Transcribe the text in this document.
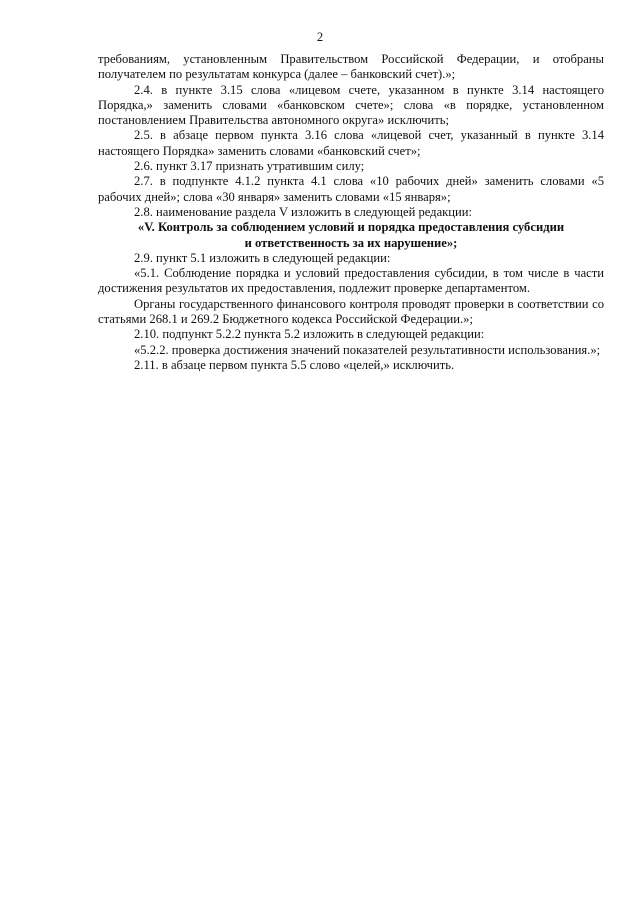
2

требованиям, установленным Правительством Российской Федерации, и отобраны получателем по результатам конкурса (далее – банковский счет).»;

2.4. в пункте 3.15 слова «лицевом счете, указанном в пункте 3.14 настоящего Порядка,» заменить словами «банковском счете»; слова «в порядке, установленном постановлением Правительства автономного округа» исключить;

2.5. в абзаце первом пункта 3.16 слова «лицевой счет, указанный в пункте 3.14 настоящего Порядка» заменить словами «банковский счет»;

2.6. пункт 3.17 признать утратившим силу;

2.7. в подпункте 4.1.2 пункта 4.1 слова «10 рабочих дней» заменить словами «5 рабочих дней»; слова «30 января» заменить словами «15 января»;

2.8. наименование раздела V изложить в следующей редакции:

«V. Контроль за соблюдением условий и порядка предоставления субсидии
и ответственность за их нарушение»;

2.9. пункт 5.1 изложить в следующей редакции:

«5.1. Соблюдение порядка и условий предоставления субсидии, в том числе в части достижения результатов их предоставления, подлежит проверке департаментом.

Органы государственного финансового контроля проводят проверки в соответствии со статьями 268.1 и 269.2 Бюджетного кодекса Российской Федерации.»;

2.10. подпункт 5.2.2 пункта 5.2 изложить в следующей редакции:

«5.2.2. проверка достижения значений показателей результативности использования.»;

2.11. в абзаце первом пункта 5.5 слово «целей,» исключить.
